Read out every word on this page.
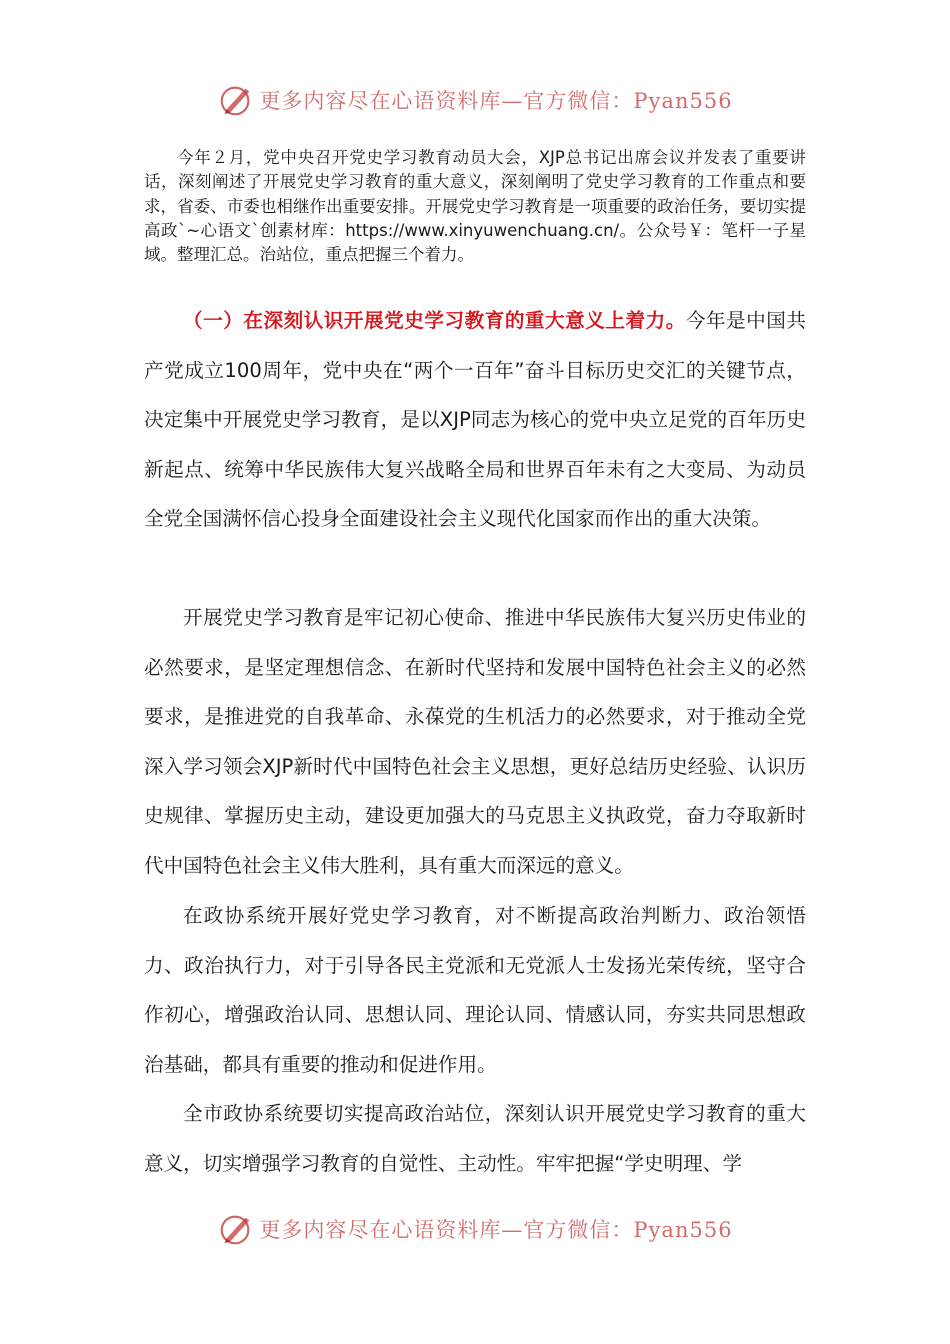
更多内容尽在心语资料库—官方微信：Pyan556

今年２月，党中央召开党史学习教育动员大会，XJP总书记出席会议并发表了重要讲话，深刻阐述了开展党史学习教育的重大意义，深刻阐明了党史学习教育的工作重点和要求，省委、市委也相继作出重要安排。开展党史学习教育是一项重要的政治任务，要切实提高政`~心语文`创素材库：https://www.xinyuwenchuang.cn/。公众号￥：笔杆一子星域。整理汇总。治站位，重点把握三个着力。

（一）在深刻认识开展党史学习教育的重大意义上着力。今年是中国共产党成立100周年，党中央在“两个一百年”奋斗目标历史交汇的关键节点，决定集中开展党史学习教育，是以XJP同志为核心的党中央立足党的百年历史新起点、统筹中华民族伟大复兴战略全局和世界百年未有之大变局、为动员全党全国满怀信心投身全面建设社会主义现代化国家而作出的重大决策。

开展党史学习教育是牢记初心使命、推进中华民族伟大复兴历史伟业的必然要求，是坚定理想信念、在新时代坚持和发展中国特色社会主义的必然要求，是推进党的自我革命、永葆党的生机活力的必然要求，对于推动全党深入学习领会XJP新时代中国特色社会主义思想，更好总结历史经验、认识历史规律、掌握历史主动，建设更加强大的马克思主义执政党，奋力夺取新时代中国特色社会主义伟大胜利，具有重大而深远的意义。

在政协系统开展好党史学习教育，对不断提高政治判断力、政治领悟力、政治执行力，对于引导各民主党派和无党派人士发扬光荣传统，坚守合作初心，增强政治认同、思想认同、理论认同、情感认同，夯实共同思想政治基础，都具有重要的推动和促进作用。

全市政协系统要切实提高政治站位，深刻认识开展党史学习教育的重大意义，切实增强学习教育的自觉性、主动性。牢牢把握“学史明理、学

更多内容尽在心语资料库—官方微信：Pyan556
